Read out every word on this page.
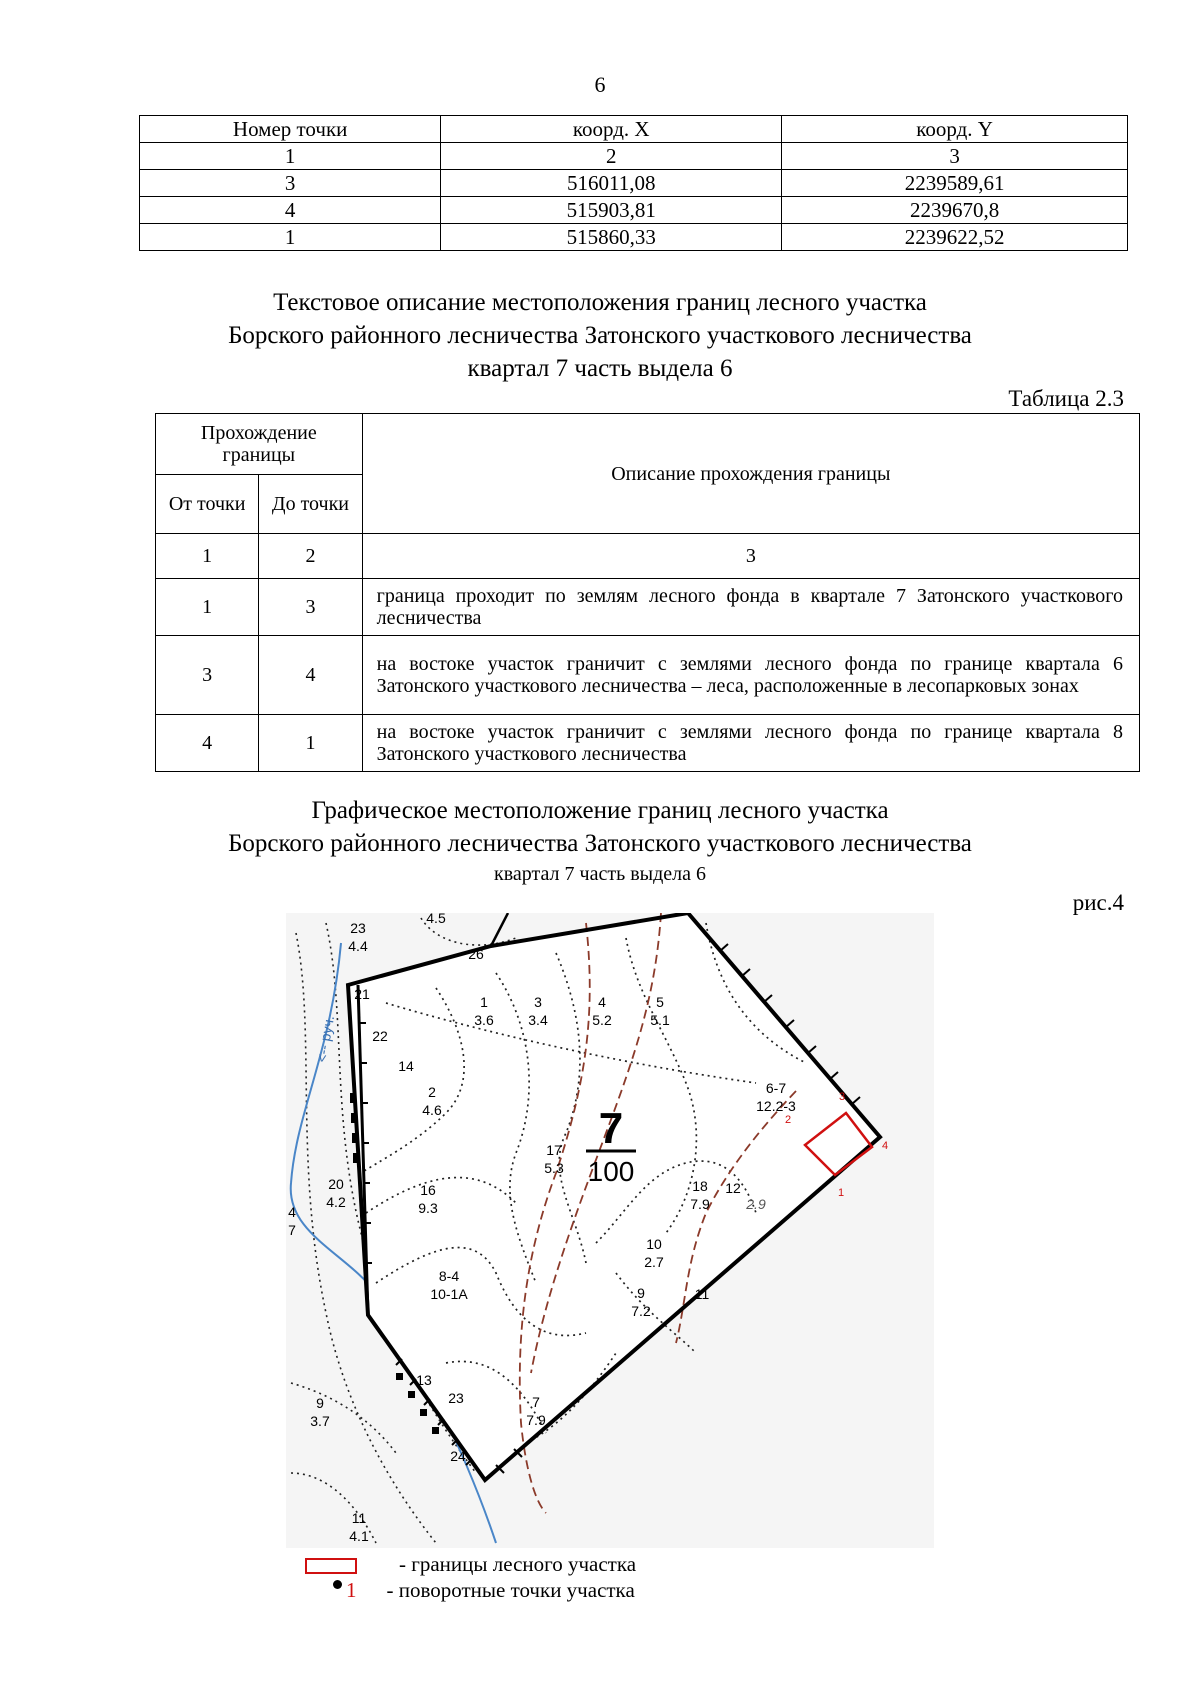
6
Номер точки	коорд. X	коорд. Y
1	2	3
3	516011,08	2239589,61
4	515903,81	2239670,8
1	515860,33	2239622,52
Текстовое описание местоположения границ лесного участка
Борского районного лесничества Затонского участкового лесничества
квартал 7 часть выдела 6
Таблица 2.3
Прохождение границы		Описание прохождения границы
От точки	До точки	
1	2	3
1	3	граница проходит по землям лесного фонда в квартале 7 Затонского участкового лесничества
3	4	на востоке участок граничит с землями лесного фонда по границе квартала 6 Затонского участкового лесничества – леса, расположенные в лесопарковых зонах
4	1	на востоке участок граничит с землями лесного фонда по границе квартала 8 Затонского участкового лесничества
Графическое местоположение границ лесного участка
Борского районного лесничества Затонского участкового лесничества
квартал 7 часть выдела 6
рис.4
<-- руч.
7
100
1
3.6
3
3.4
4
5.2
5
5.1
6-7
12.2-3
2
4.6
17
5.3
18
7.9
16
9.3
20
4.2
8-4
10-1А	9
7.2
10
2.7
7
7.9
23
4.4
9
3.7
11
4.1
4
7
4.5
26
21
22
14
12
2.9
11
13
23
24
3
2
4
1
- границы лесного участка
1 - поворотные точки участка
